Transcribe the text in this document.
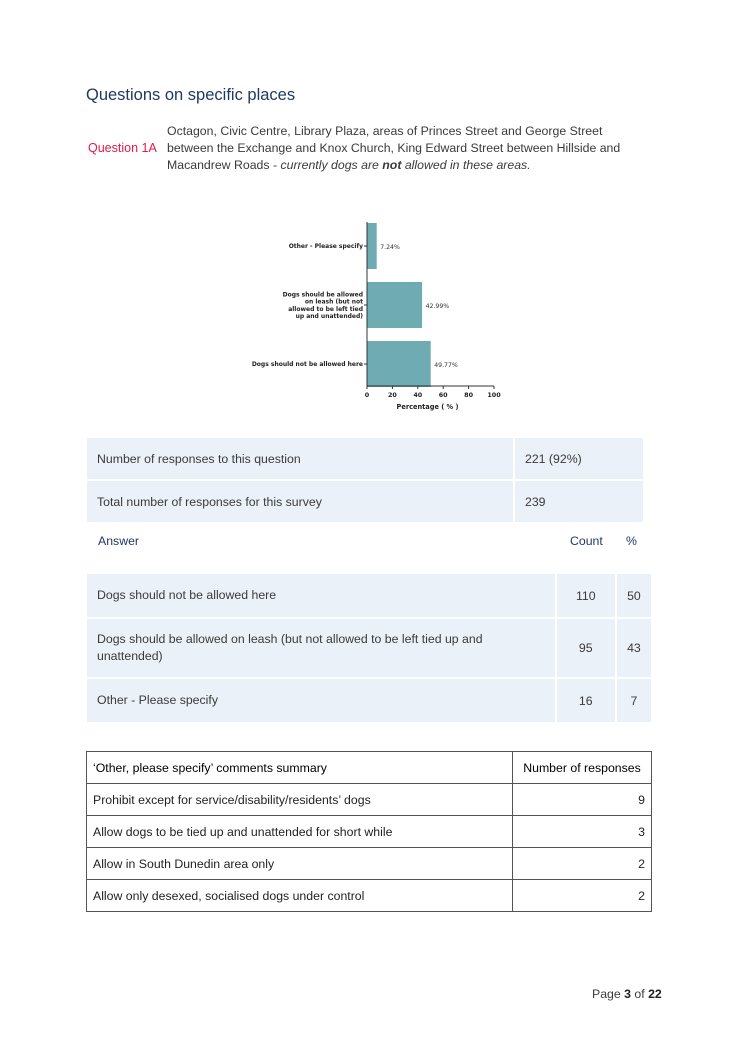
Questions on specific places
Question 1A
Octagon, Civic Centre, Library Plaza, areas of Princes Street and George Street between the Exchange and Knox Church, King Edward Street between Hillside and Macandrew Roads - currently dogs are not allowed in these areas.
7.24%
Other - Please specify
42.99%
Dogs should be allowed
on leash (but not
allowed to be left tied
up and unattended)
49.77%
Dogs should not be allowed here
0	20	40	60	80 100
Percentage ( % )
Number of responses to this question	221 (92%)
Total number of responses for this survey	239
Answer	Count %
Dogs should not be allowed here	110	50
Dogs should be allowed on leash (but not allowed to be left tied up and unattended)	95	43
Other - Please specify	16	7
‘Other, please specify’ comments summary	Number of responses
Prohibit except for service/disability/residents’ dogs	9
Allow dogs to be tied up and unattended for short while	3
Allow in South Dunedin area only	2
Allow only desexed, socialised dogs under control	2
Page 3 of 22
